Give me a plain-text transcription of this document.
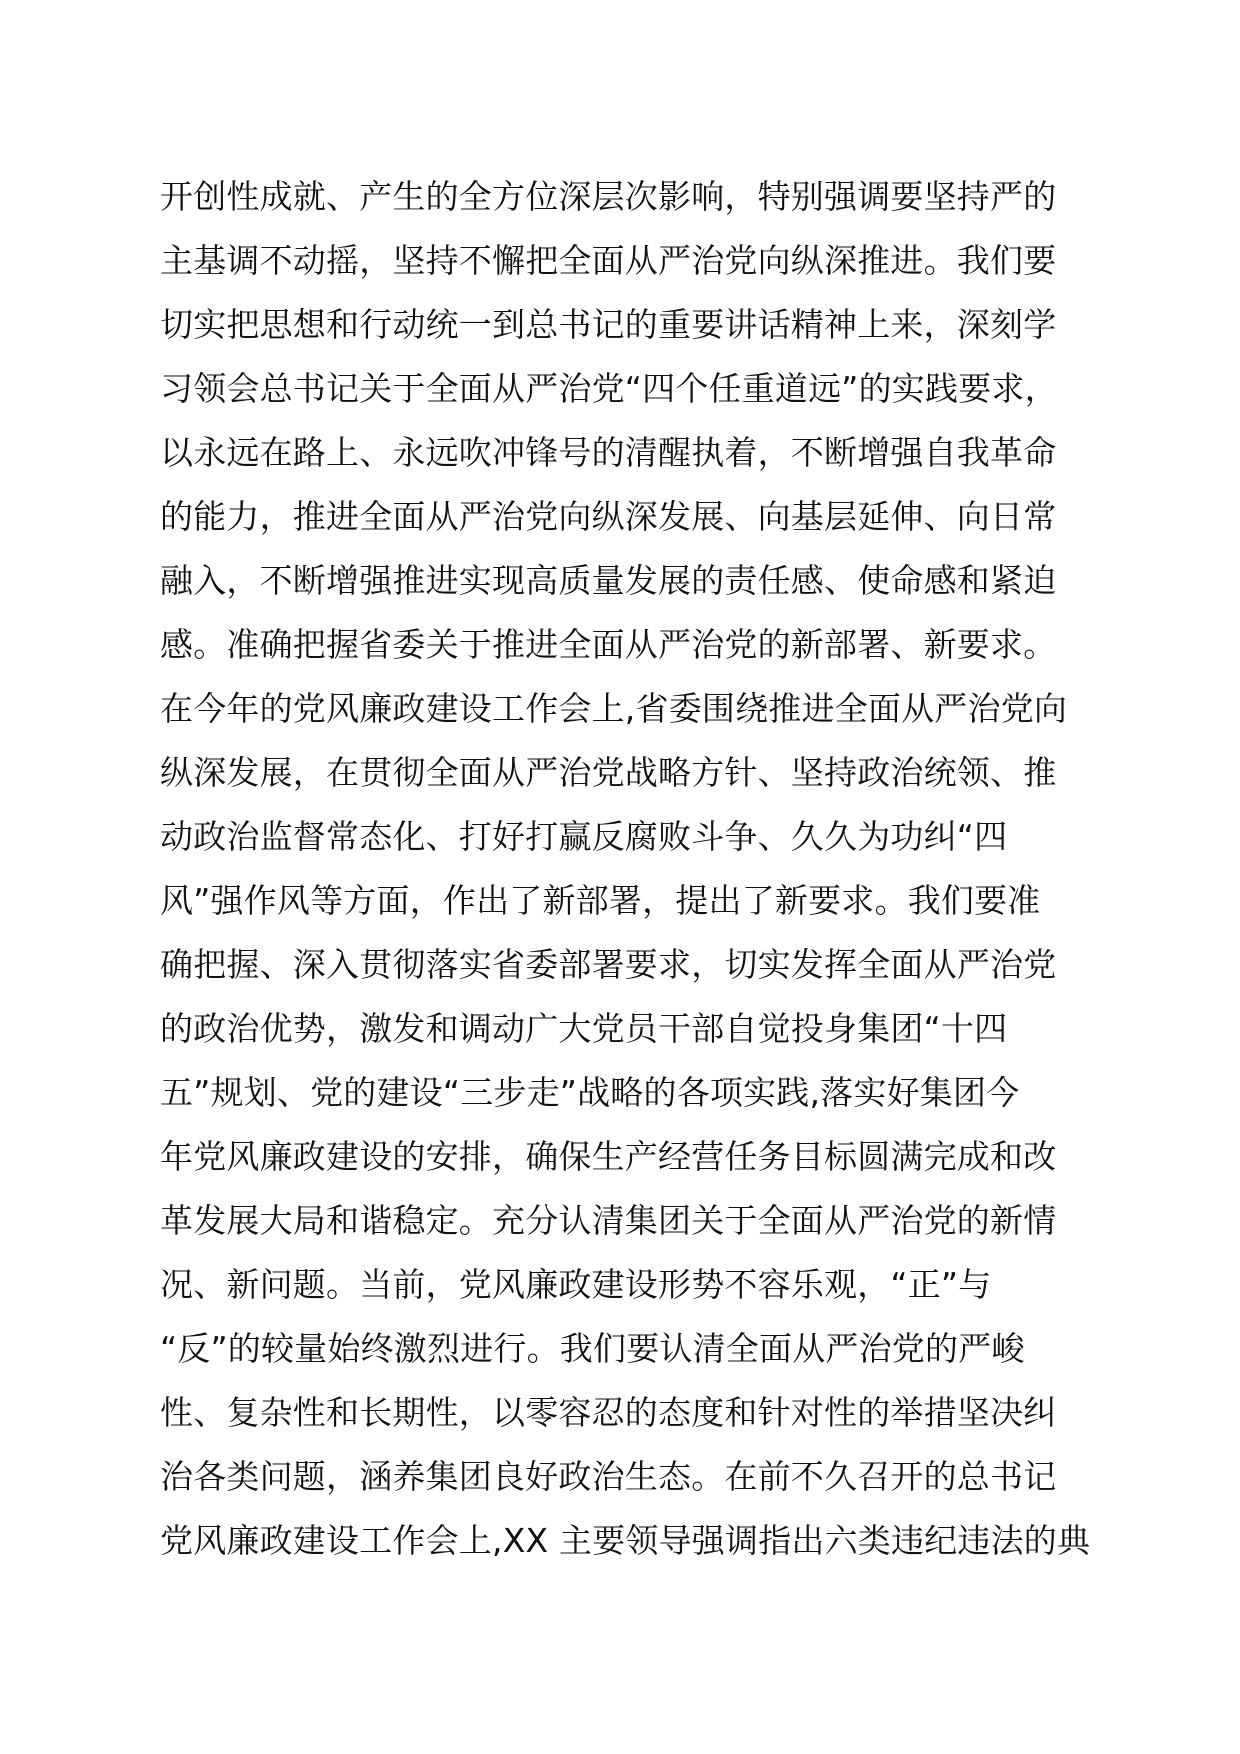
开创性成就、产生的全方位深层次影响，特别强调要坚持严的
主基调不动摇，坚持不懈把全面从严治党向纵深推进。我们要
切实把思想和行动统一到总书记的重要讲话精神上来，深刻学
习领会总书记关于全面从严治党“四个任重道远”的实践要求，
以永远在路上、永远吹冲锋号的清醒执着，不断增强自我革命
的能力，推进全面从严治党向纵深发展、向基层延伸、向日常
融入，不断增强推进实现高质量发展的责任感、使命感和紧迫
感。准确把握省委关于推进全面从严治党的新部署、新要求。
在今年的党风廉政建设工作会上,省委围绕推进全面从严治党向
纵深发展，在贯彻全面从严治党战略方针、坚持政治统领、推
动政治监督常态化、打好打赢反腐败斗争、久久为功纠“四
风”强作风等方面，作出了新部署，提出了新要求。我们要准
确把握、深入贯彻落实省委部署要求，切实发挥全面从严治党
的政治优势，激发和调动广大党员干部自觉投身集团“十四
五”规划、党的建设“三步走”战略的各项实践,落实好集团今
年党风廉政建设的安排，确保生产经营任务目标圆满完成和改
革发展大局和谐稳定。充分认清集团关于全面从严治党的新情
况、新问题。当前，党风廉政建设形势不容乐观，“正”与
“反”的较量始终激烈进行。我们要认清全面从严治党的严峻
性、复杂性和长期性，以零容忍的态度和针对性的举措坚决纠
治各类问题，涵养集团良好政治生态。在前不久召开的总书记
党风廉政建设工作会上,XX 主要领导强调指出六类违纪违法的典
